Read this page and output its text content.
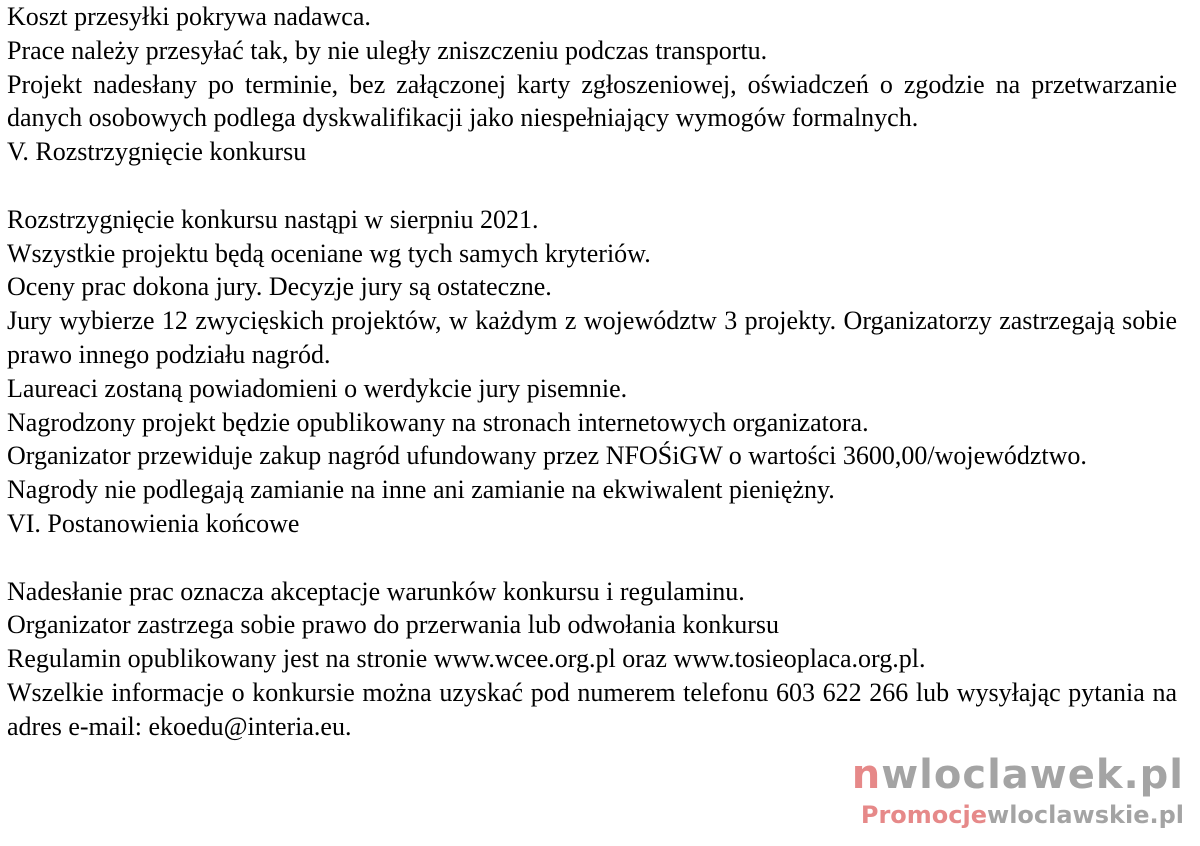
Koszt przesyłki pokrywa nadawca.

Prace należy przesyłać tak, by nie uległy zniszczeniu podczas transportu.

Projekt nadesłany po terminie, bez załączonej karty zgłoszeniowej, oświadczeń o zgodzie na przetwarzanie danych osobowych podlega dyskwalifikacji jako niespełniający wymogów formalnych.

V. Rozstrzygnięcie konkursu

Rozstrzygnięcie konkursu nastąpi w sierpniu 2021.

Wszystkie projektu będą oceniane wg tych samych kryteriów.

Oceny prac dokona jury. Decyzje jury są ostateczne.

Jury wybierze 12 zwycięskich projektów, w każdym z województw 3 projekty. Organizatorzy zastrzegają sobie prawo innego podziału nagród.

Laureaci zostaną powiadomieni o werdykcie jury pisemnie.

Nagrodzony projekt będzie opublikowany na stronach internetowych organizatora.

Organizator przewiduje zakup nagród ufundowany przez NFOŚiGW o wartości 3600,00/województwo.

Nagrody nie podlegają zamianie na inne ani zamianie na ekwiwalent pieniężny.

VI. Postanowienia końcowe

Nadesłanie prac oznacza akceptacje warunków konkursu i regulaminu.

Organizator zastrzega sobie prawo do przerwania lub odwołania konkursu

Regulamin opublikowany jest na stronie www.wcee.org.pl oraz www.tosieoplaca.org.pl.

Wszelkie informacje o konkursie można uzyskać pod numerem telefonu 603 622 266 lub wysyłając pytania na adres e-mail: ekoedu@interia.eu.

nwloclawek.pl
Promocjewloclawskie.pl
